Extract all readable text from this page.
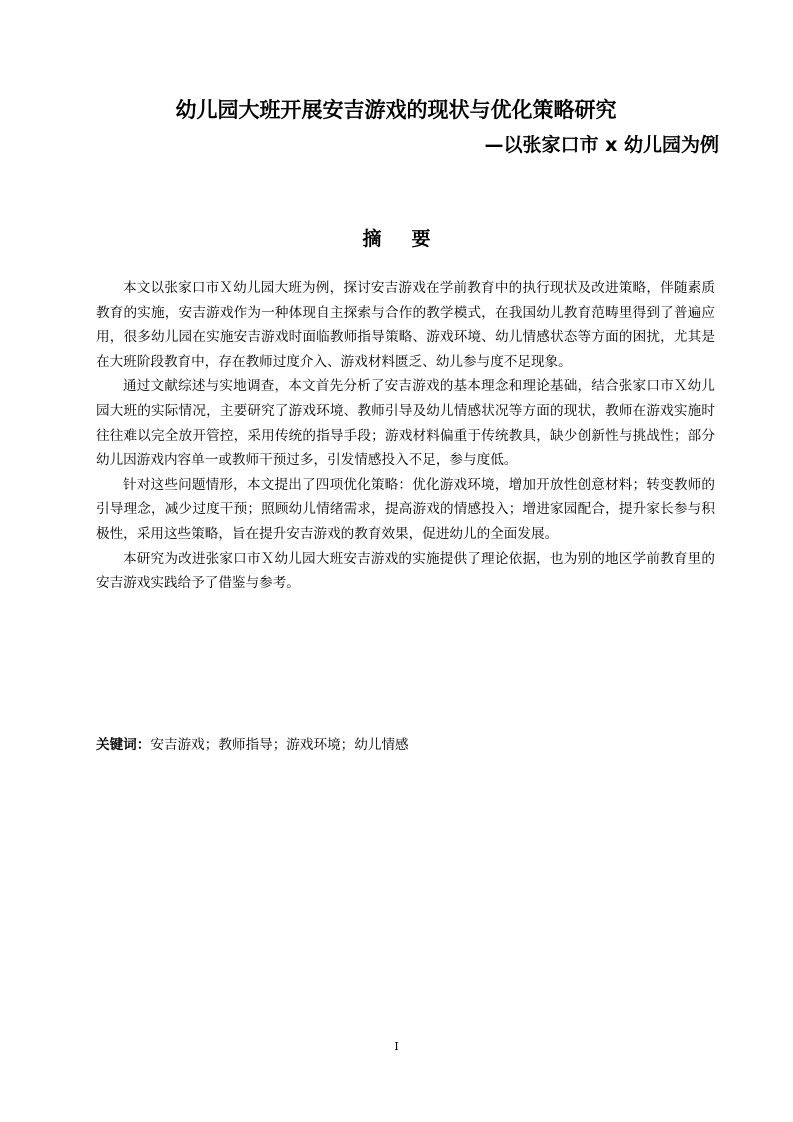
幼儿园大班开展安吉游戏的现状与优化策略研究
—以张家口市 x 幼儿园为例
摘要

本文以张家口市Ｘ幼儿园大班为例，探讨安吉游戏在学前教育中的执行现状及改进策略，伴随素质教育的实施，安吉游戏作为一种体现自主探索与合作的教学模式，在我国幼儿教育范畴里得到了普遍应用，很多幼儿园在实施安吉游戏时面临教师指导策略、游戏环境、幼儿情感状态等方面的困扰，尤其是在大班阶段教育中，存在教师过度介入、游戏材料匮乏、幼儿参与度不足现象。

通过文献综述与实地调查，本文首先分析了安吉游戏的基本理念和理论基础，结合张家口市Ｘ幼儿园大班的实际情况，主要研究了游戏环境、教师引导及幼儿情感状况等方面的现状，教师在游戏实施时往往难以完全放开管控，采用传统的指导手段；游戏材料偏重于传统教具，缺少创新性与挑战性；部分幼儿因游戏内容单一或教师干预过多，引发情感投入不足，参与度低。

针对这些问题情形，本文提出了四项优化策略：优化游戏环境，增加开放性创意材料；转变教师的引导理念，减少过度干预；照顾幼儿情绪需求，提高游戏的情感投入；增进家园配合，提升家长参与积极性，采用这些策略，旨在提升安吉游戏的教育效果，促进幼儿的全面发展。

本研究为改进张家口市Ｘ幼儿园大班安吉游戏的实施提供了理论依据，也为别的地区学前教育里的安吉游戏实践给予了借鉴与参考。

关键词：安吉游戏；教师指导；游戏环境；幼儿情感
I
